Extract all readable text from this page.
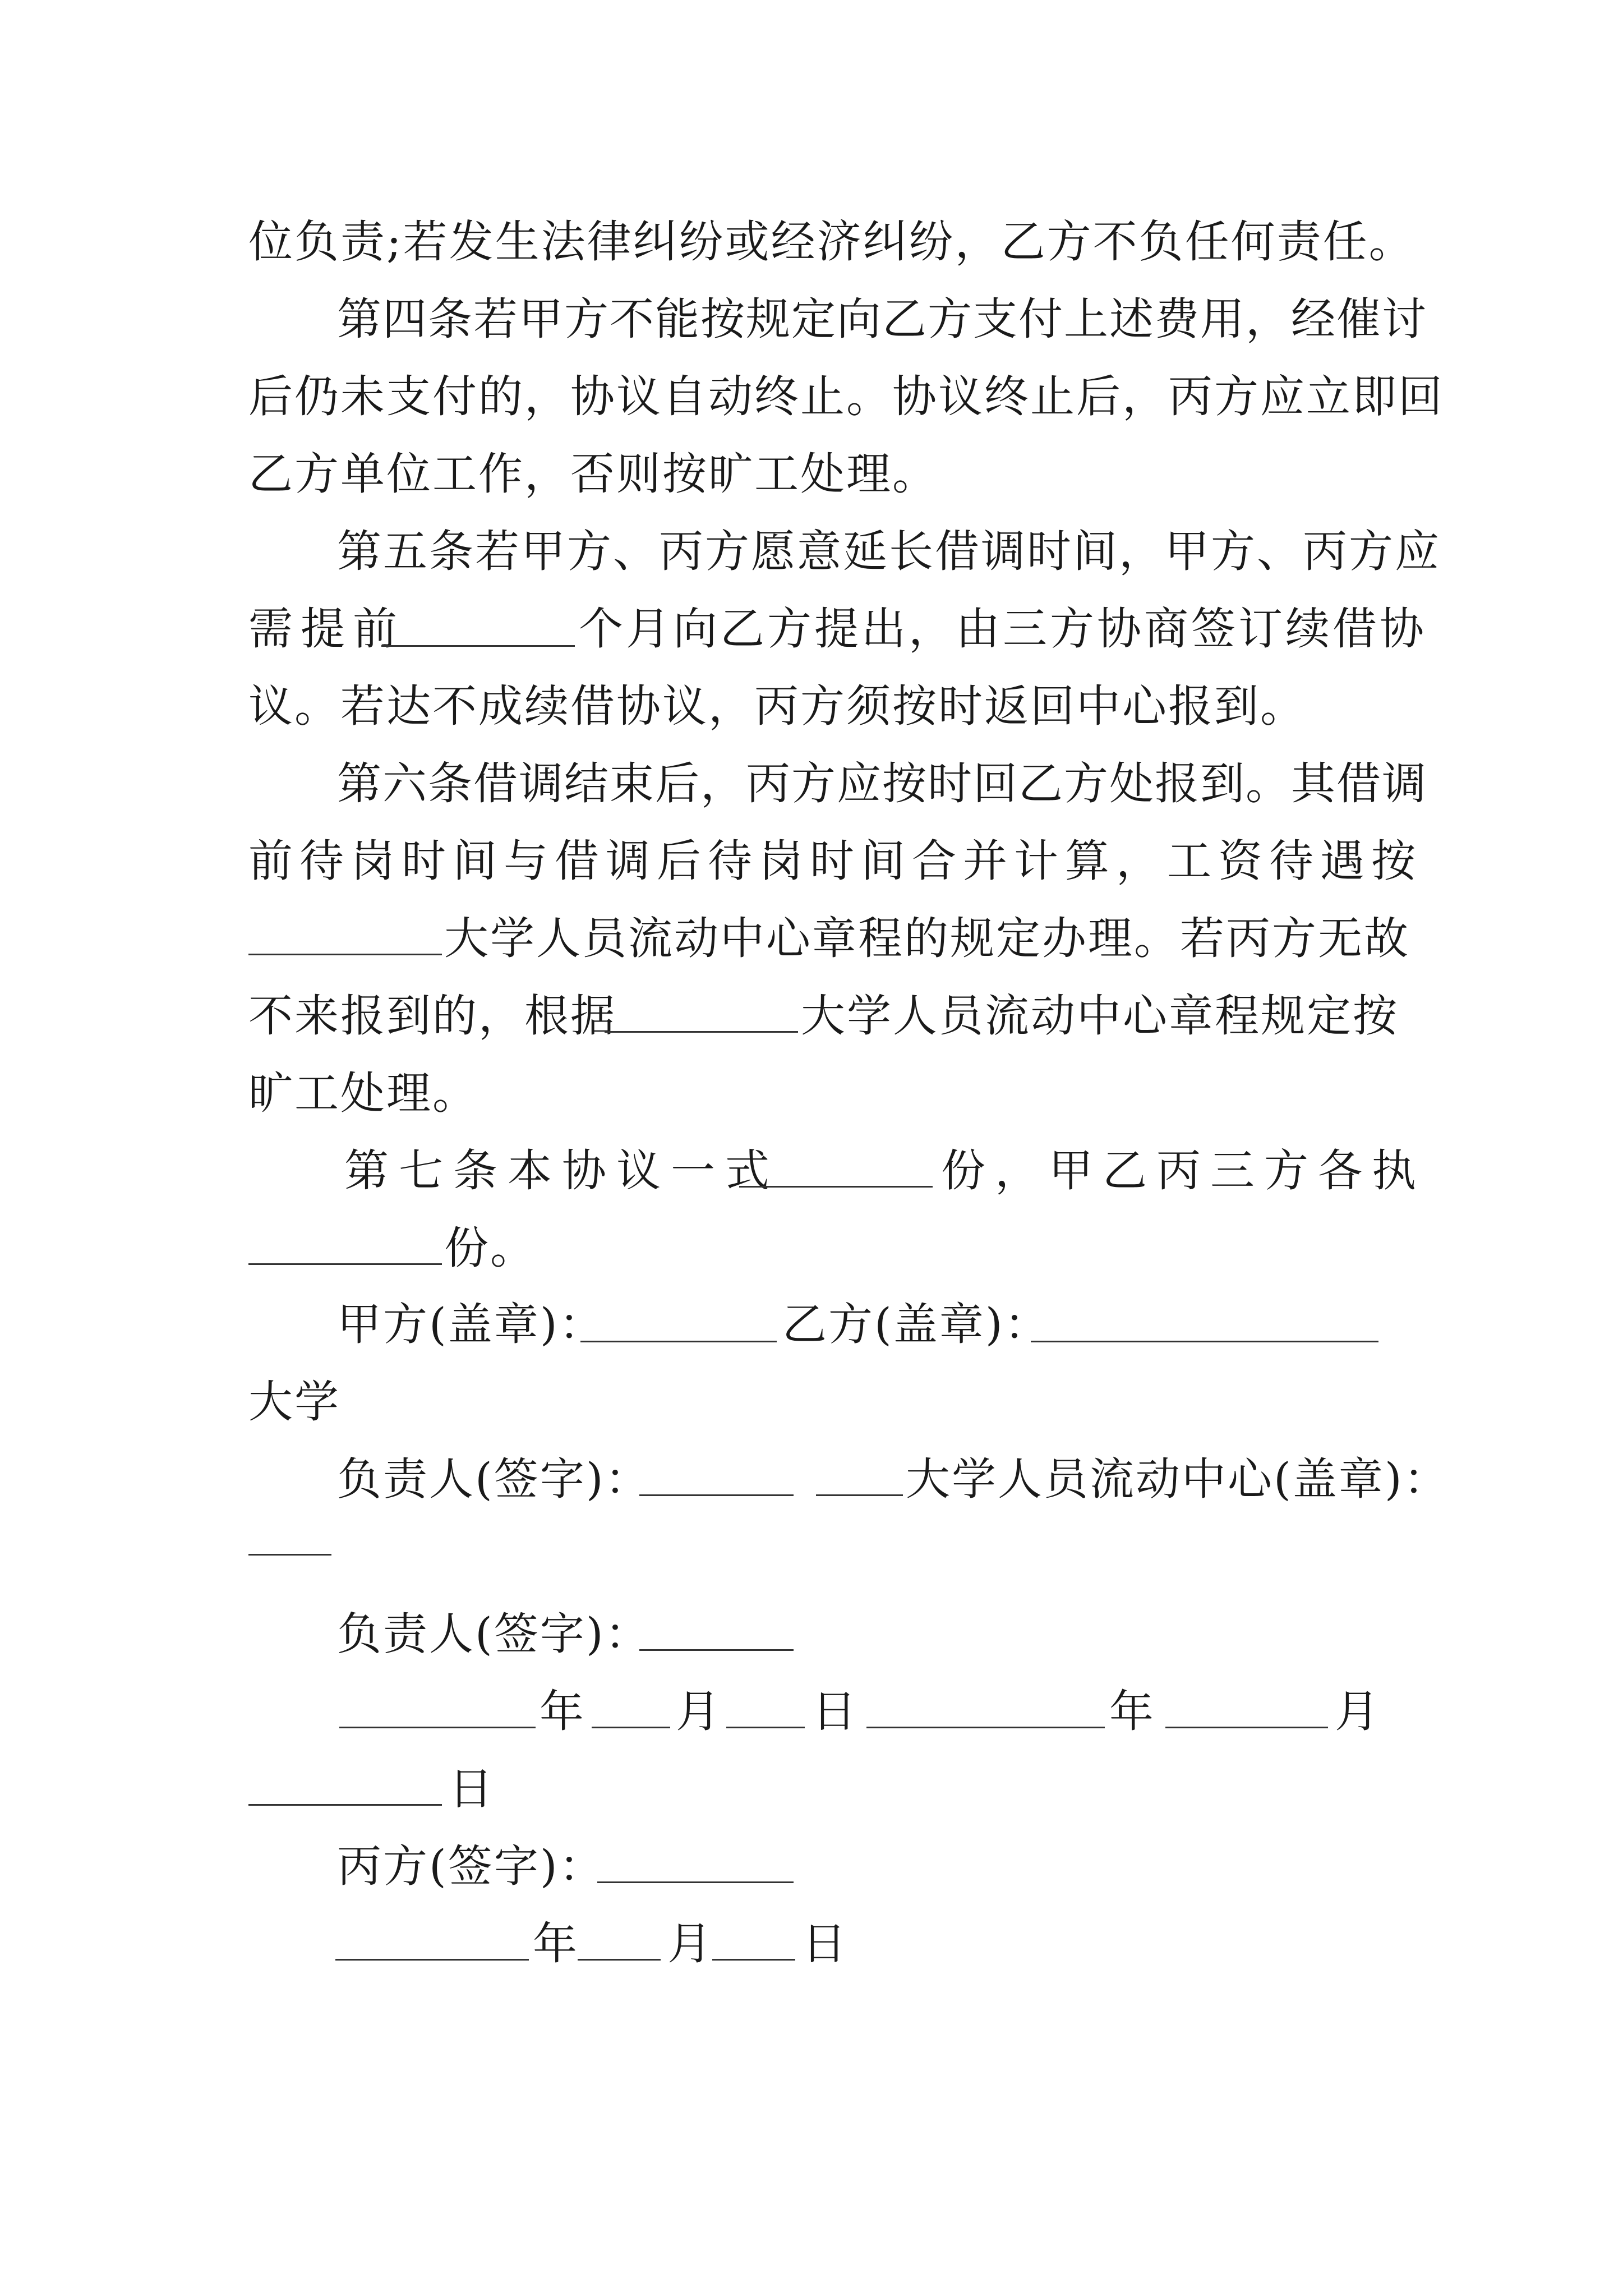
位负责;若发生法律纠纷或经济纠纷，乙方不负任何责任。
第四条若甲方不能按规定向乙方支付上述费用，经催讨
后仍未支付的，协议自动终止。协议终止后，丙方应立即回
乙方单位工作，否则按旷工处理。
第五条若甲方、丙方愿意延长借调时间，甲方、丙方应
需提前	个月向乙方提出，由三方协商签订续借协
议。若达不成续借协议，丙方须按时返回中心报到。
第六条借调结束后，丙方应按时回乙方处报到。其借调
前待岗时间与借调后待岗时间合并计算，工资待遇按
大学人员流动中心章程的规定办理。若丙方无故
不来报到的，根据	大学人员流动中心章程规定按
旷工处理。
第七条本协议一式	份，甲乙丙三方各执
份。
甲方(盖章)：	乙方(盖章)：
大学
负责人(签字)：	大学人员流动中心(盖章)：
负责人(签字)：
年 月 日	年	月
日
丙方(签字)：
年 月 日
